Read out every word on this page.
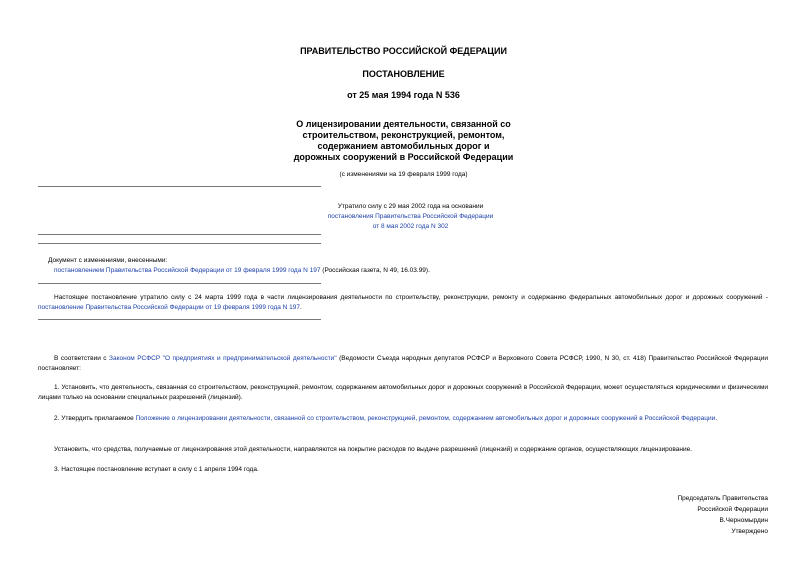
ПРАВИТЕЛЬСТВО РОССИЙСКОЙ ФЕДЕРАЦИИ
ПОСТАНОВЛЕНИЕ
от 25 мая 1994 года N 536
О лицензировании деятельности, связанной со
строительством, реконструкцией, ремонтом,
содержанием автомобильных дорог и
дорожных сооружений в Российской Федерации
(с изменениями на 19 февраля 1999 года)
Утратило силу с 29 мая 2002 года на основании
постановления Правительства Российской Федерации
от 8 мая 2002 года N 302
Документ с изменениями, внесенными:
постановлением Правительства Российской Федерации от 19 февраля 1999 года N 197 (Российская газета, N 49, 16.03.99).
Настоящее постановление утратило силу с 24 марта 1999 года в части лицензирования деятельности по строительству, реконструкции, ремонту и содержанию федеральных автомобильных дорог и дорожных сооружений - постановление Правительства Российской Федерации от 19 февраля 1999 года N 197.
В соответствии с Законом РСФСР "О предприятиях и предпринимательской деятельности" (Ведомости Съезда народных депутатов РСФСР и Верховного Совета РСФСР, 1990, N 30, ст. 418) Правительство Российской Федерации постановляет:
1. Установить, что деятельность, связанная со строительством, реконструкцией, ремонтом, содержанием автомобильных дорог и дорожных сооружений в Российской Федерации, может осуществляться юридическими и физическими лицами только на основании специальных разрешений (лицензий).
2. Утвердить прилагаемое Положение о лицензировании деятельности, связанной со строительством, реконструкцией, ремонтом, содержанием автомобильных дорог и дорожных сооружений в Российской Федерации.
Установить, что средства, получаемые от лицензирования этой деятельности, направляются на покрытие расходов по выдаче разрешений (лицензий) и содержание органов, осуществляющих лицензирование.
3. Настоящее постановление вступает в силу с 1 апреля 1994 года.
Председатель Правительства
Российской Федерации
В.Черномырдин
Утверждено
